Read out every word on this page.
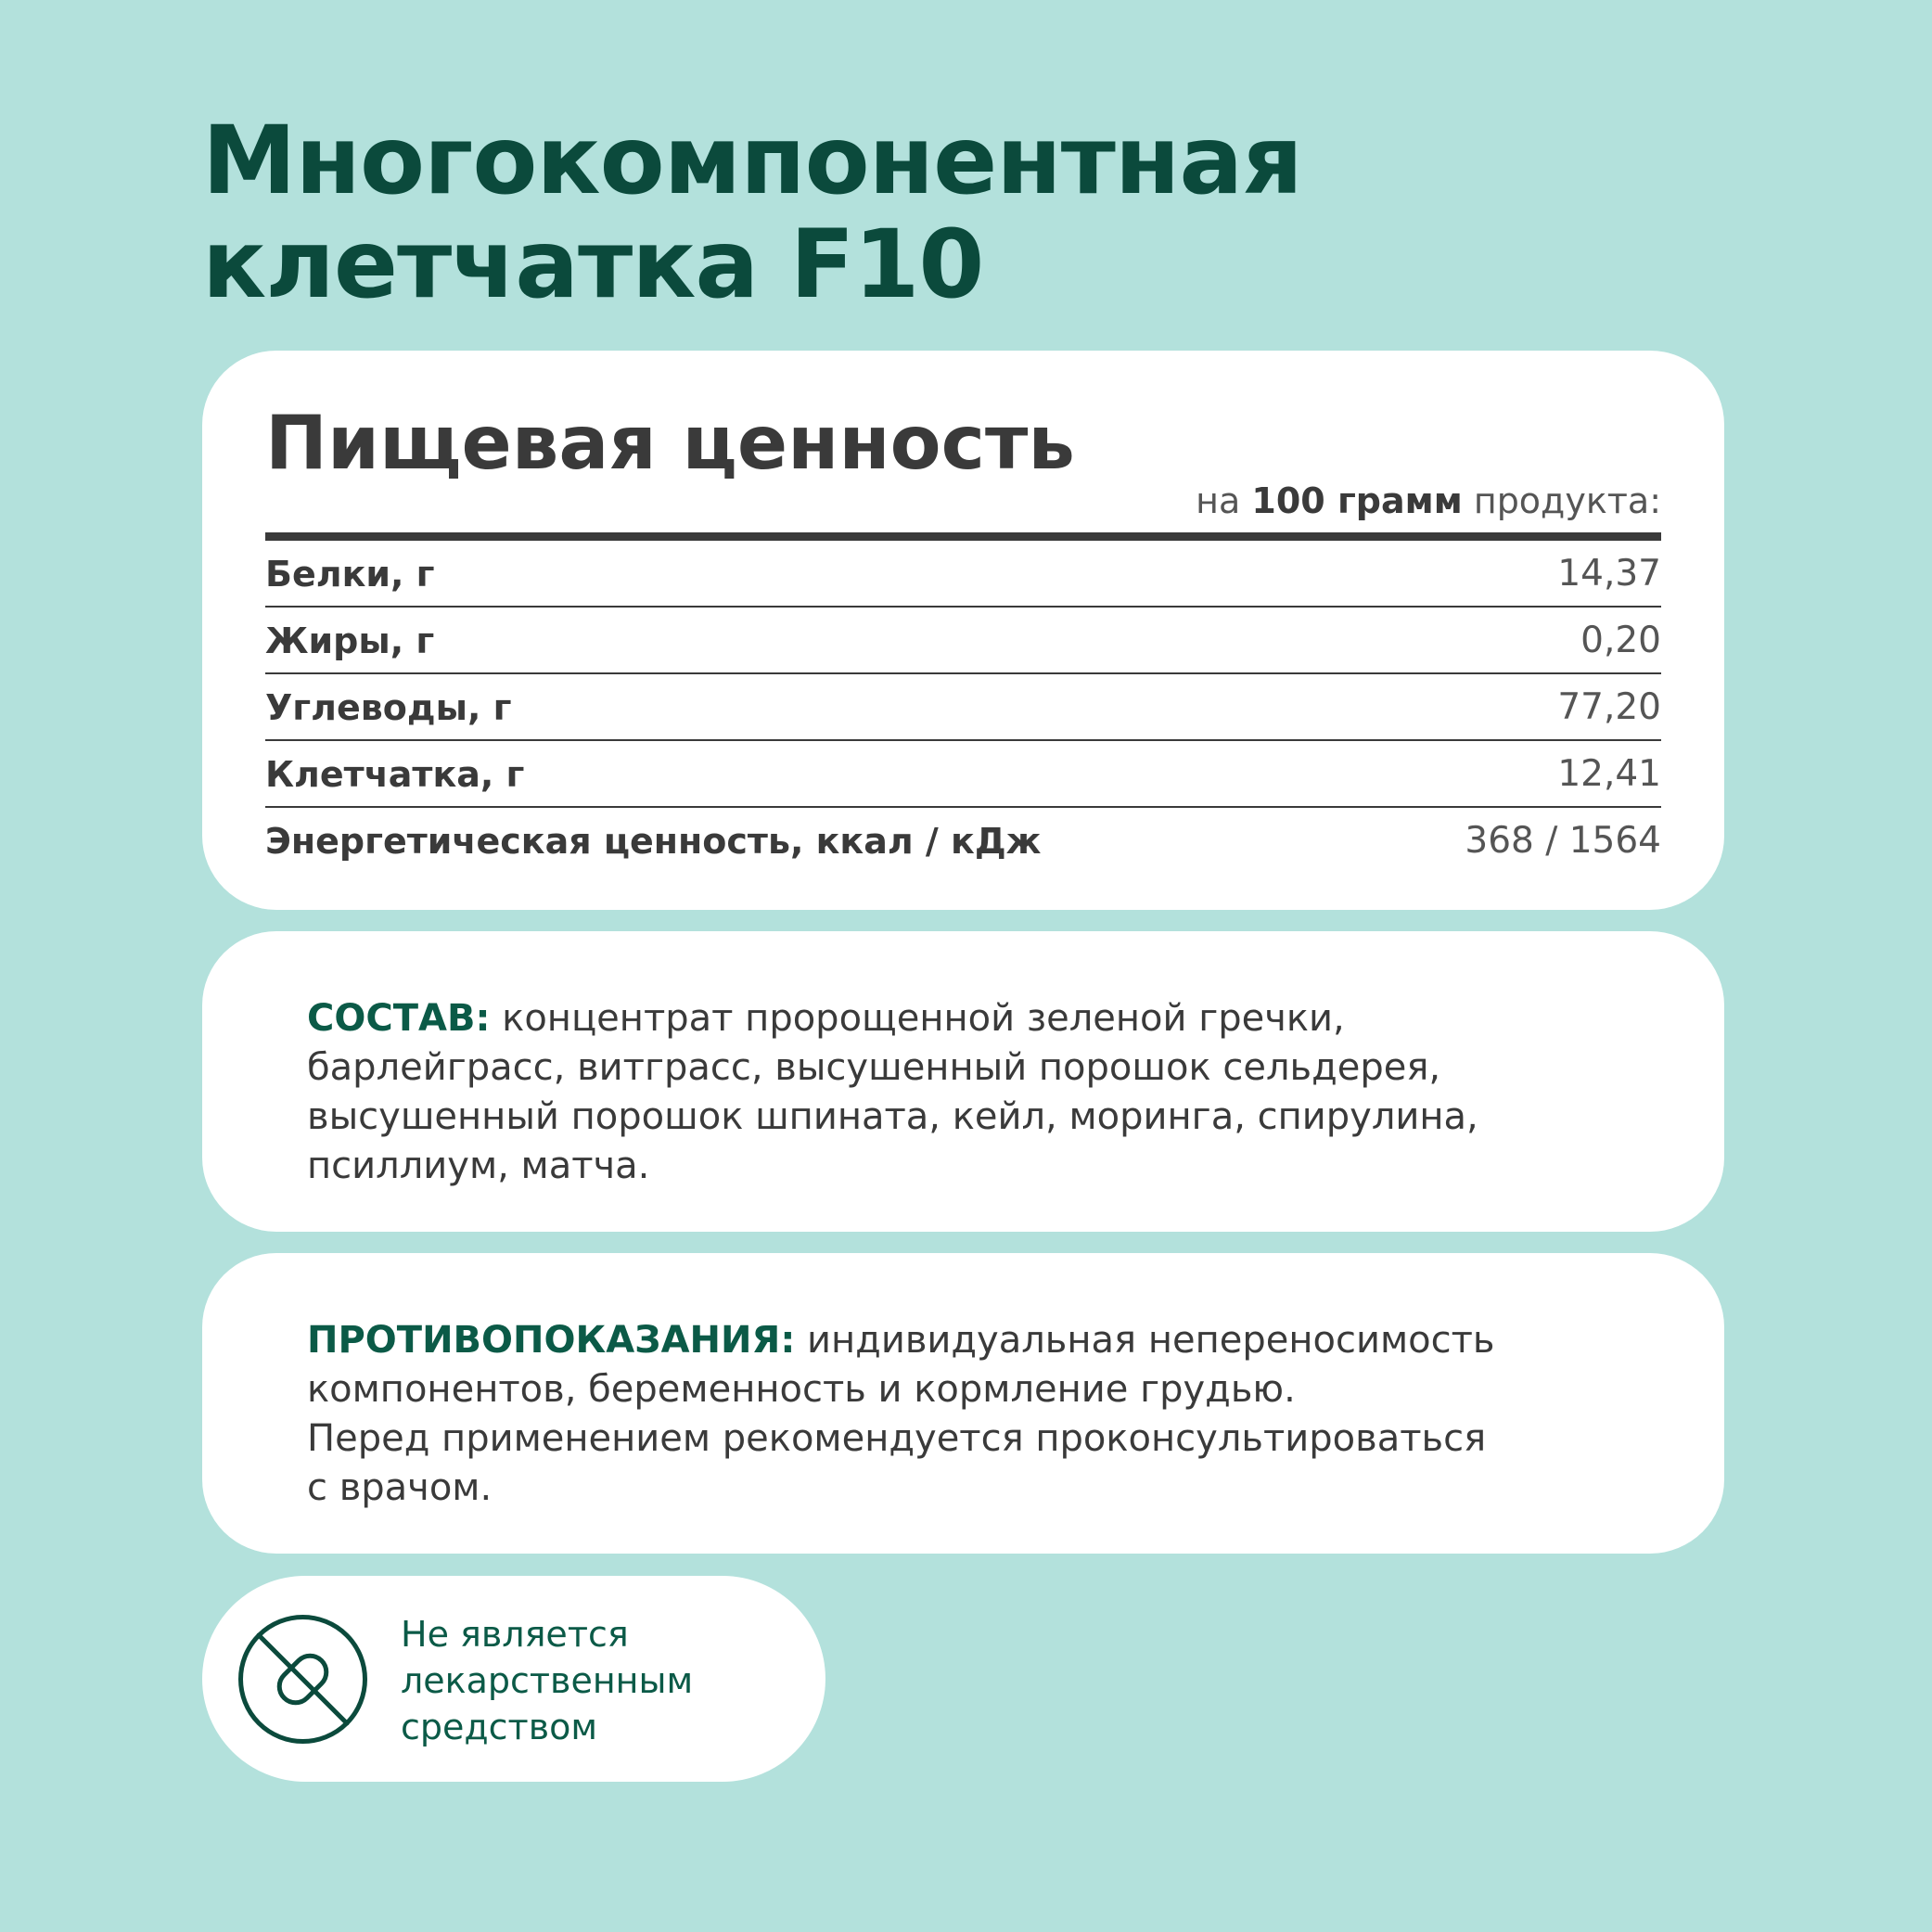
Многокомпонентная
клетчатка F10
Пищевая ценность
на 100 грамм продукта:
Белки, г	14,37
Жиры, г	0,20
Углеводы, г	77,20
Клетчатка, г	12,41
Энергетическая ценность, ккал / кДж	368 / 1564

СОСТАВ: концентрат пророщенной зеленой гречки,
барлейграсс, витграсс, высушенный порошок сельдерея,
высушенный порошок шпината, кейл, моринга, спирулина,
псиллиум, матча.

ПРОТИВОПОКАЗАНИЯ: индивидуальная непереносимость
компонентов, беременность и кормление грудью.
Перед применением рекомендуется проконсультироваться
с врачом.

Не является
лекарственным
средством
